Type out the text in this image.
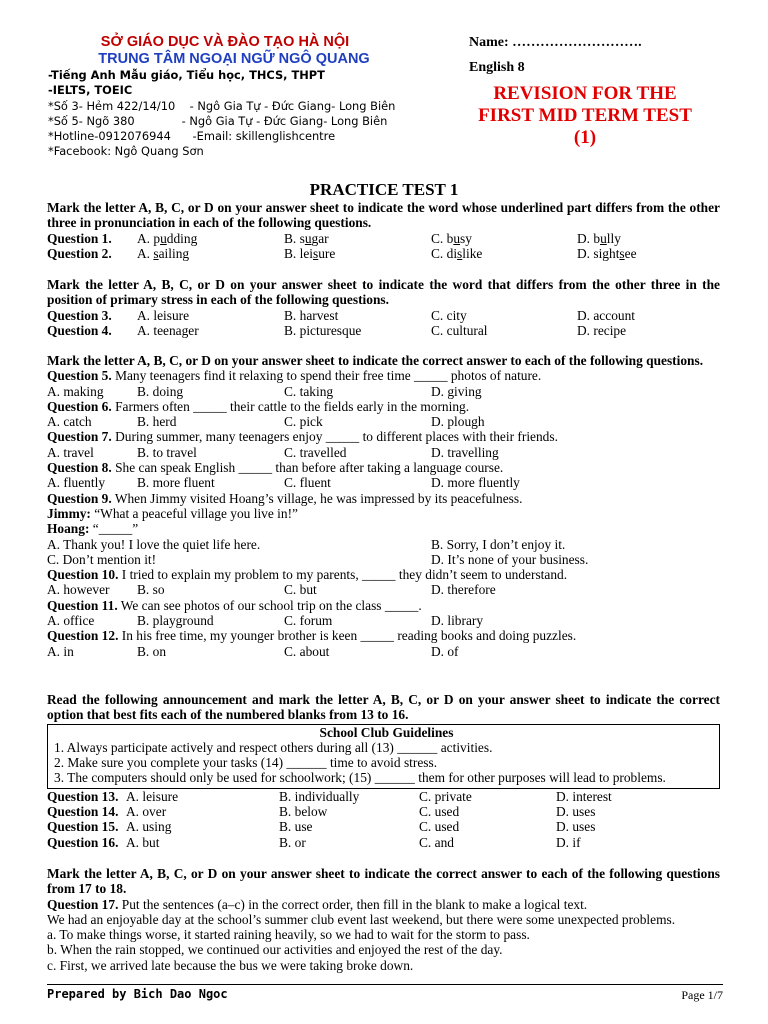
SỞ GIÁO DỤC VÀ ĐÀO TẠO HÀ NỘI
TRUNG TÂM NGOẠI NGỮ NGÔ QUANG
-Tiếng Anh Mẫu giáo, Tiểu học, THCS, THPT
-IELTS, TOEIC
*Số 3- Hẻm 422/14/10    - Ngô Gia Tự - Đức Giang- Long Biên
*Số 5- Ngõ 380             - Ngô Gia Tự - Đức Giang- Long Biên
*Hotline-0912076944      -Email: skillenglishcentre
*Facebook: Ngô Quang Sơn
Name: ……………………….
English 8
REVISION FOR THE
FIRST MID TERM TEST
(1)
PRACTICE TEST 1
Mark the letter A, B, C, or D on your answer sheet to indicate the word whose underlined part differs from the other three in pronunciation in each of the following questions.
Question 1. A. pudding	B. sugar	C. busy	D. bully
Question 2. A. sailing	B. leisure	C. dislike	D. sightsee
Mark the letter A, B, C, or D on your answer sheet to indicate the word that differs from the other three in the position of primary stress in each of the following questions.
Question 3. A. leisure	B. harvest	C. city	D. account
Question 4. A. teenager	B. picturesque	C. cultural	D. recipe
Mark the letter A, B, C, or D on your answer sheet to indicate the correct answer to each of the following questions.
Question 5. Many teenagers find it relaxing to spend their free time _____ photos of nature.
A. making B. doing	C. taking	D. giving
Question 6. Farmers often _____ their cattle to the fields early in the morning.
A. catch	B. herd	C. pick	D. plough
Question 7. During summer, many teenagers enjoy _____ to different places with their friends.
A. travel	B. to travel	C. travelled	D. travelling
Question 8. She can speak English _____ than before after taking a language course.
A. fluently B. more fluent	C. fluent	D. more fluently
Question 9. When Jimmy visited Hoang’s village, he was impressed by its peacefulness.
Jimmy: “What a peaceful village you live in!”
Hoang: “_____”
A. Thank you! I love the quiet life here.	B. Sorry, I don’t enjoy it.
C. Don’t mention it!	D. It’s none of your business.
Question 10. I tried to explain my problem to my parents, _____ they didn’t seem to understand.
A. however B. so	C. but	D. therefore
Question 11. We can see photos of our school trip on the class _____.
A. office	B. playground	C. forum	D. library
Question 12. In his free time, my younger brother is keen _____ reading books and doing puzzles.
A. in	B. on	C. about	D. of
Read the following announcement and mark the letter A, B, C, or D on your answer sheet to indicate the correct option that best fits each of the numbered blanks from 13 to 16.
School Club Guidelines
1. Always participate actively and respect others during all (13) ______ activities.
2. Make sure you complete your tasks (14) ______ time to avoid stress.
3. The computers should only be used for schoolwork; (15) ______ them for other purposes will lead to problems.
Question 13. A. leisure	B. individually	C. private	D. interest
Question 14. A. over	B. below	C. used	D. uses
Question 15. A. using	B. use	C. used	D. uses
Question 16. A. but	B. or	C. and	D. if
Mark the letter A, B, C, or D on your answer sheet to indicate the correct answer to each of the following questions from 17 to 18.
Question 17. Put the sentences (a–c) in the correct order, then fill in the blank to make a logical text.
We had an enjoyable day at the school’s summer club event last weekend, but there were some unexpected problems.
a. To make things worse, it started raining heavily, so we had to wait for the storm to pass.
b. When the rain stopped, we continued our activities and enjoyed the rest of the day.
c. First, we arrived late because the bus we were taking broke down.
Prepared by Bich Dao Ngoc	Page 1/7
